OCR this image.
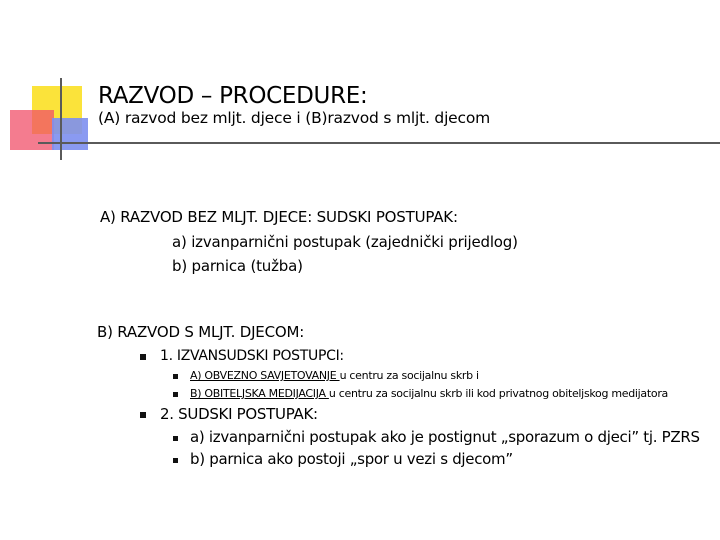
RAZVOD – PROCEDURE:
(A) razvod bez mljt. djece i (B)razvod s mljt. djecom
A) RAZVOD BEZ MLJT. DJECE: SUDSKI POSTUPAK:
a) izvanparnični postupak (zajednički prijedlog)
b) parnica (tužba)
B) RAZVOD S MLJT. DJECOM:
1. IZVANSUDSKI POSTUPCI:
A) OBVEZNO SAVJETOVANJE u centru za socijalnu skrb i
B) OBITELJSKA MEDIJACIJA u centru za socijalnu skrb ili kod privatnog obiteljskog medijatora
2. SUDSKI POSTUPAK:
a) izvanparnični postupak ako je postignut „sporazum o djeci” tj. PZRS
b) parnica ako postoji „spor u vezi s djecom”
